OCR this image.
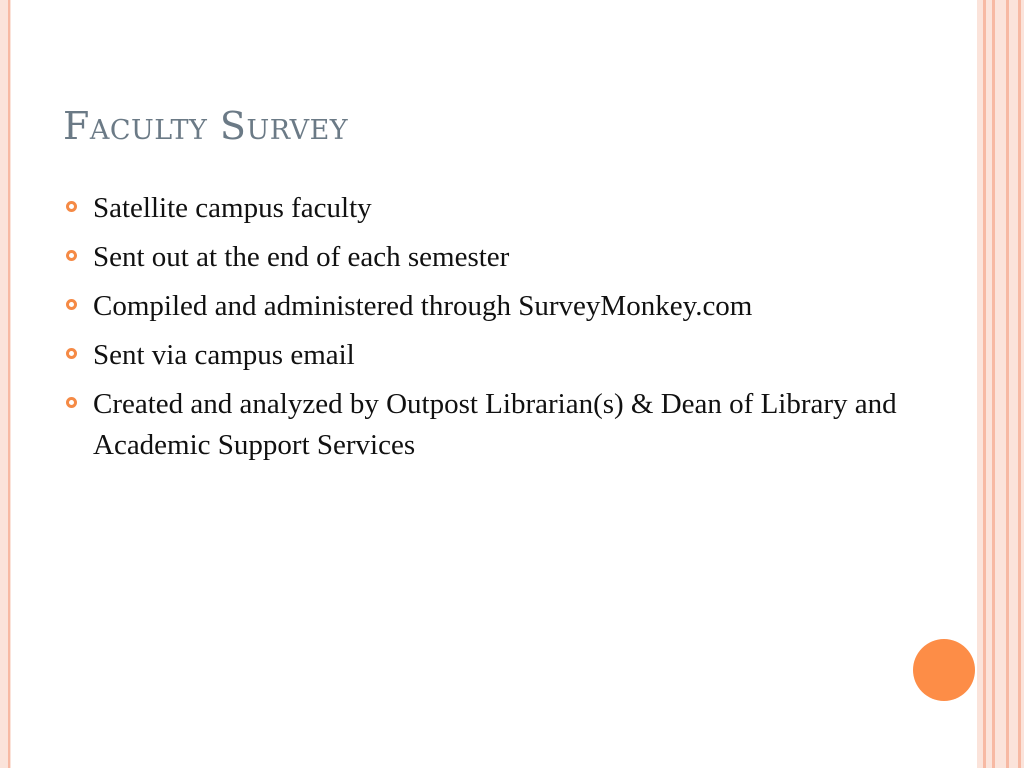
Faculty Survey
Satellite campus faculty
Sent out at the end of each semester
Compiled and administered through SurveyMonkey.com
Sent via campus email
Created and analyzed by Outpost Librarian(s) & Dean of Library and Academic Support Services
